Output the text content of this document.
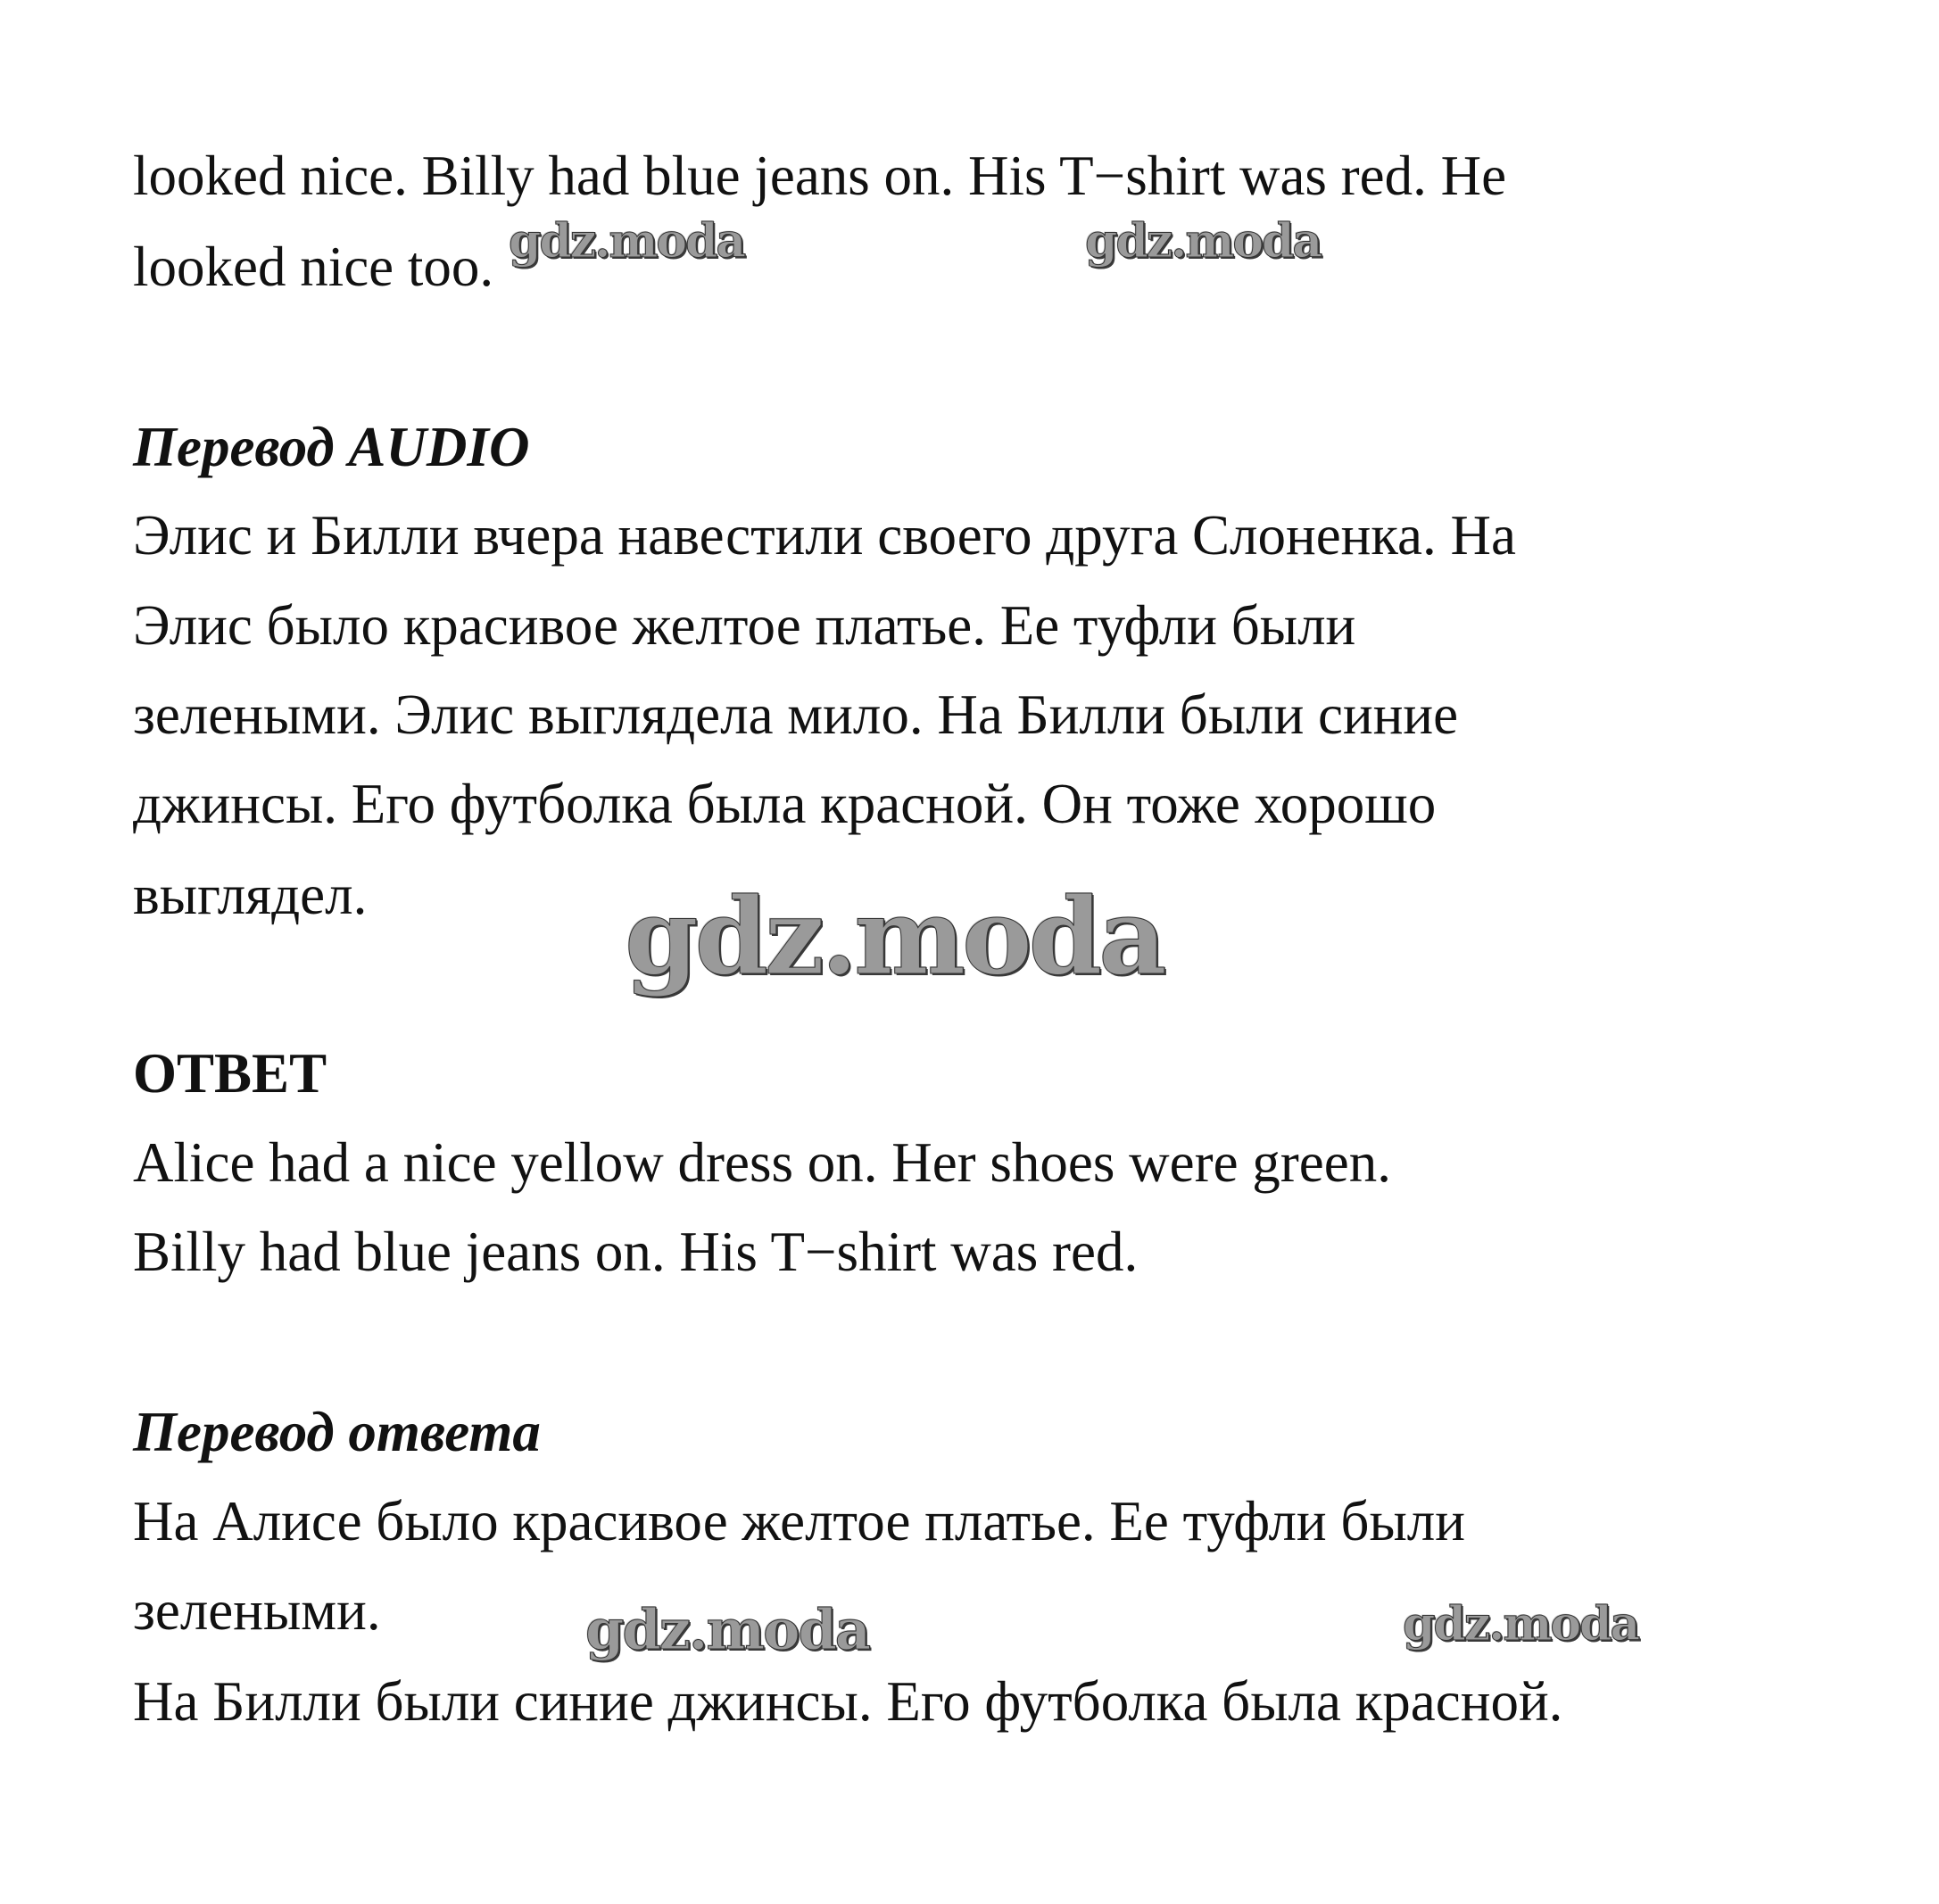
looked nice. Billy had blue jeans on. His T−shirt was red. He
looked nice too.
Перевод AUDIO
Элис и Билли вчера навестили своего друга Слоненка. На
Элис было красивое желтое платье. Ее туфли были
зелеными. Элис выглядела мило. На Билли были синие
джинсы. Его футболка была красной. Он тоже хорошо
выглядел.
ОТВЕТ
Alice had a nice yellow dress on. Her shoes were green.
Billy had blue jeans on. His T−shirt was red.
Перевод ответа
На Алисе было красивое желтое платье. Ее туфли были
зелеными.
На Билли были синие джинсы. Его футболка была красной.
gdz.moda	gdz.moda
gdz.moda
gdz.moda	gdz.moda
